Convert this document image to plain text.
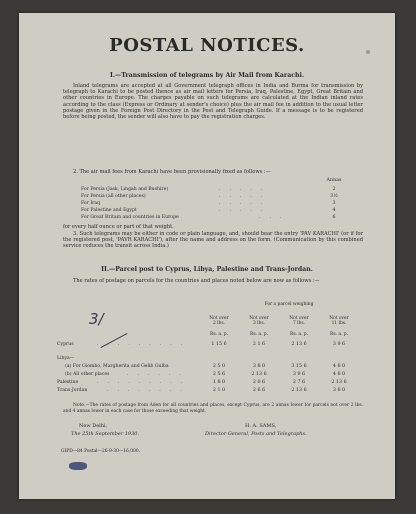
POSTAL NOTICES.
I.—Transmission of telegrams by Air Mail from Karachi.
Inland telegrams are accepted at all Government telegraph offices in India and Burma for transmission by telegraph to Karachi to be posted thence as air mail letters for Persia, Iraq, Palestine, Egypt, Great Britain and other countries in Europe. The charges payable on such telegrams are calculated at the Indian inland rates according to the class (Express or Ordinary at sender's choice) plus the air mail fee in addition to the usual letter postage given in the Foreign Post Directory in the Post and Telegraph Guide. If a message is to be registered before being posted, the sender will also have to pay the registration charges.
2. The air mail fees from Karachi have been provisionally fixed as follows :—
Annas
For Persia (Jask, Lingah and Bushire)	2
For Persia (all other places)	3½
For Iraq	3
For Palestine and Egypt	4
For Great Britain and countries in Europe	6
.....
.....
.....
.....
...
for every half ounce or part of that weight.
3. Such telegrams may be either in code or plain language, and, should bear the entry 'PAV KARACHI' (or if for the registered post, 'PAVR KARACHI'), after the name and address on the form. (Communication by this combined service reduces the transit across India.)
II.—Parcel post to Cyprus, Libya, Palestine and Trans-Jordan.
The rates of postage on parcels for the countries and places noted below are now as follows :—
For a parcel weighing
Not over
2 lbs.
Not over
3 lbs.
Not over
7 lbs.
Not over
11 lbs.
Rs. a. p.	Rs. a. p.	Rs. a. p.	Rs. a. p.
Cyprus	1 15 6	2 1 6	2 13 6	3 9 6
Libya—
(a) For Giombo, Margherita and Gelib Gulba	2 5 0	3 8 0	3 15 6	4 6 0
(b) All other places	2 5 6	2 13 6	3 9 6	4 6 0
Palestine	1 8 0	2 0 6	2 7 6	2 13 6
Trans-Jordan	2 1 0	2 6 6	2 13 6	3 6 0
.........
......
.........
........
Note.—The rates of postage from Aden for all countries and places, except Cyprus, are 2 annas lower for parcels not over 2 lbs. and 4 annas lower in each case for those exceeding that weight.
New Delhi,
The 25th September 1930.
H. A. SAMS,
Director-General, Posts and Telegraphs.
GIPD—84 Postal—26-9-30—16,000.
3/
